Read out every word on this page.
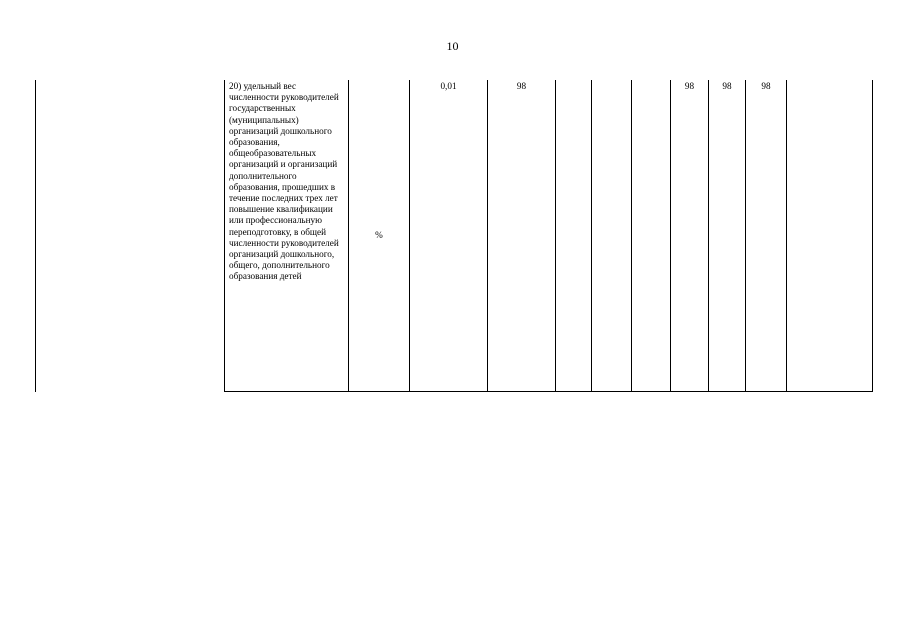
10
20) удельный вес численности руководителей государственных (муниципальных) организаций дошкольного образования, общеобразовательных организаций и организаций дополнительного образования, прошедших в течение последних трех лет повышение квалификации или профессиональную переподготовку, в общей численности руководителей организаций дошкольного, общего, дополнительного образования детей	%	0,01	98				98	98	98	
